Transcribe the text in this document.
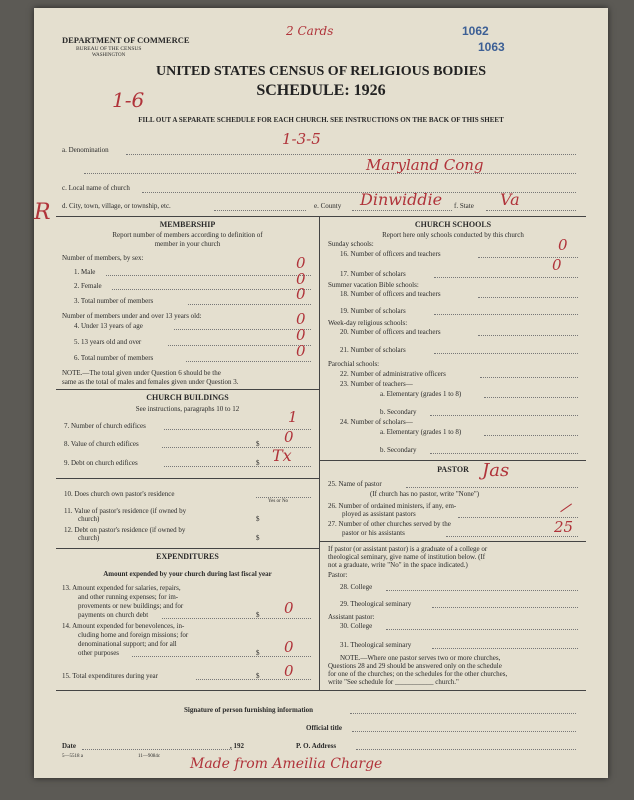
DEPARTMENT OF COMMERCE
BUREAU OF THE CENSUS
WASHINGTON
2 Cards	1062
1063
UNITED STATES CENSUS OF RELIGIOUS BODIES
SCHEDULE: 1926
1-6
FILL OUT A SEPARATE SCHEDULE FOR EACH CHURCH. SEE INSTRUCTIONS ON THE BACK OF THIS SHEET
a. Denomination
1-3-5
Maryland Cong
c. Local name of church
R d. City, town, village, or township, etc.	e. County Dinwiddie f. State Va
MEMBERSHIP
Report number of members according to definition of
member in your church
Number of members, by sex:
1. Male	0
2. Female	0
3. Total number of members	0
Number of members under and over 13 years old:
4. Under 13 years of age	0
5. 13 years old and over	0
6. Total number of members	0
NOTE.—The total given under Question 6 should be the
same as the total of males and females given under Question 3.
CHURCH BUILDINGS
See instructions, paragraphs 10 to 12
7. Number of church edifices	1
8. Value of church edifices	$ 0
9. Debt on church edifices	$ Tx
10. Does church own pastor's residence
Yes or No
11. Value of pastor's residence (if owned by
church)	$
12. Debt on pastor's residence (if owned by
church)	$
EXPENDITURES
Amount expended by your church during last fiscal year
13. Amount expended for salaries, repairs,
and other running expenses; for im-
provements or new buildings; and for
payments on church debt	$ 0
14. Amount expended for benevolences, in-
cluding home and foreign missions; for
denominational support; and for all
other purposes	$ 0
15. Total expenditures during year	$ 0
CHURCH SCHOOLS
Report here only schools conducted by this church
Sunday schools:
16. Number of officers and teachers	0
17. Number of scholars	0
Summer vacation Bible schools:
18. Number of officers and teachers
19. Number of scholars
Week-day religious schools:
20. Number of officers and teachers
21. Number of scholars
Parochial schools:
22. Number of administrative officers
23. Number of teachers—
a. Elementary (grades 1 to 8)
b. Secondary
24. Number of scholars—
a. Elementary (grades 1 to 8)
b. Secondary
PASTOR
25. Name of pastor
Jas
(If church has no pastor, write "None")
26. Number of ordained ministers, if any, em-
ployed as assistant pastors	—
27. Number of other churches served by the
pastor or his assistants	25
If pastor (or assistant pastor) is a graduate of a college or
theological seminary, give name of institution below. (If
not a graduate, write "No" in the space indicated.)
Pastor:
28. College
29. Theological seminary
Assistant pastor:
30. College
31. Theological seminary
NOTE.—Where one pastor serves two or more churches,
Questions 28 and 29 should be answered only on the schedule
for one of the churches; on the schedules for the other churches,
write "See schedule for ___________ church."
Signature of person furnishing information
Official title
Date	, 192	P. O. Address
5—5518 a	11—9084c Made from Ameilia Charge
